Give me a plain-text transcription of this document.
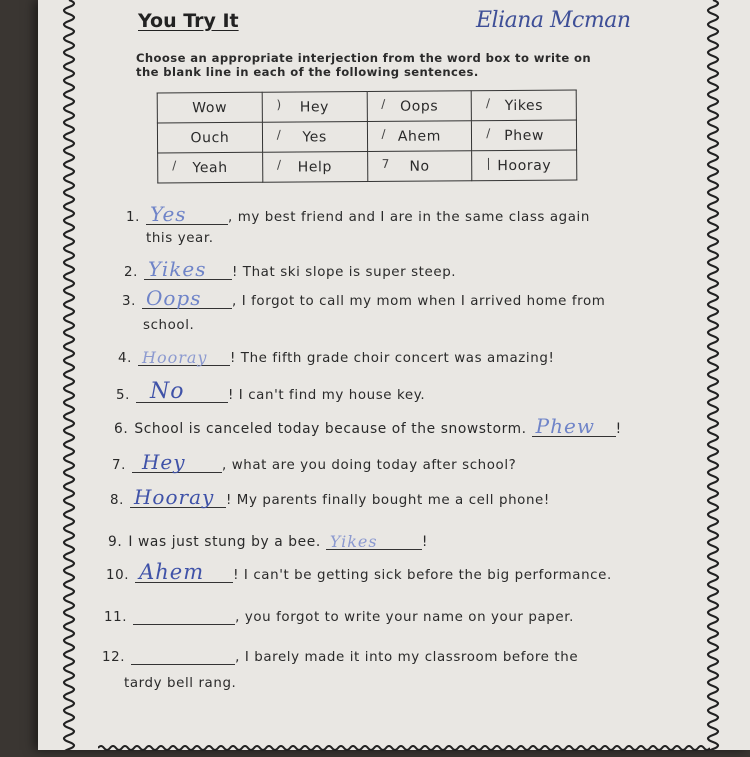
You Try It	Eliana Mcman
Choose an appropriate interjection from the word box to write on the blank line in each of the following sentences.
Wow	) Hey	/ Oops	/ Yikes
Ouch	/ Yes	/ Ahem	/ Phew

/ Yeah	/ Help	7 No	| Hooray
1. Yes	, my best friend and I are in the same class again
this year.
2. Yikes ! That ski slope is super steep.
3. Oops , I forgot to call my mom when I arrived home from
school.
4. Hooray ! The fifth grade choir concert was amazing!
5. No	! I can't find my house key.
6. School is canceled today because of the snowstorm. Phew !
7. Hey	, what are you doing today after school?
8. Hooray ! My parents finally bought me a cell phone!
9. I was just stung by a bee. Yikes	!
10. Ahem ! I can't be getting sick before the big performance.
11.	, you forgot to write your name on your paper.
12.	, I barely made it into my classroom before the
tardy bell rang.
